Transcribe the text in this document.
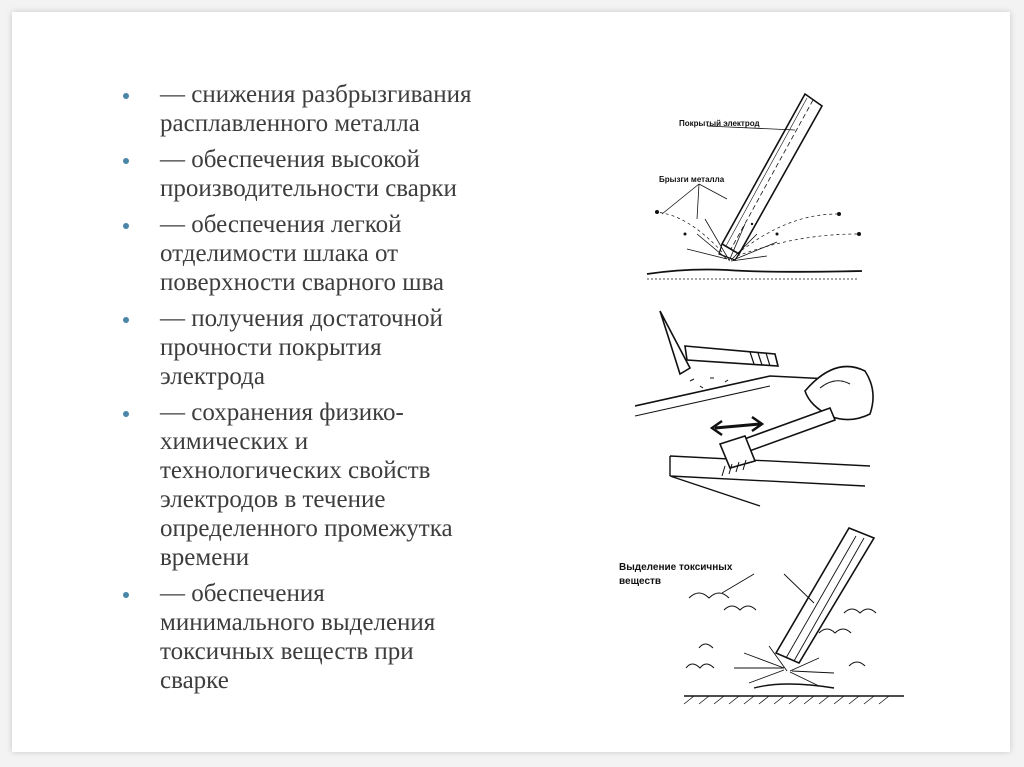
— снижения разбрызгивания
расплавленного металла
— обеспечения высокой
производительности сварки
— обеспечения легкой
отделимости шлака от
поверхности сварного шва
— получения достаточной
прочности покрытия
электрода
— сохранения физико-
химических и
технологических свойств
электродов в течение
определенного промежутка
времени
— обеспечения
минимального выделения
токсичных веществ при
сварке
Покрытый электрод
Брызги металла
Выделение токсичных
веществ
